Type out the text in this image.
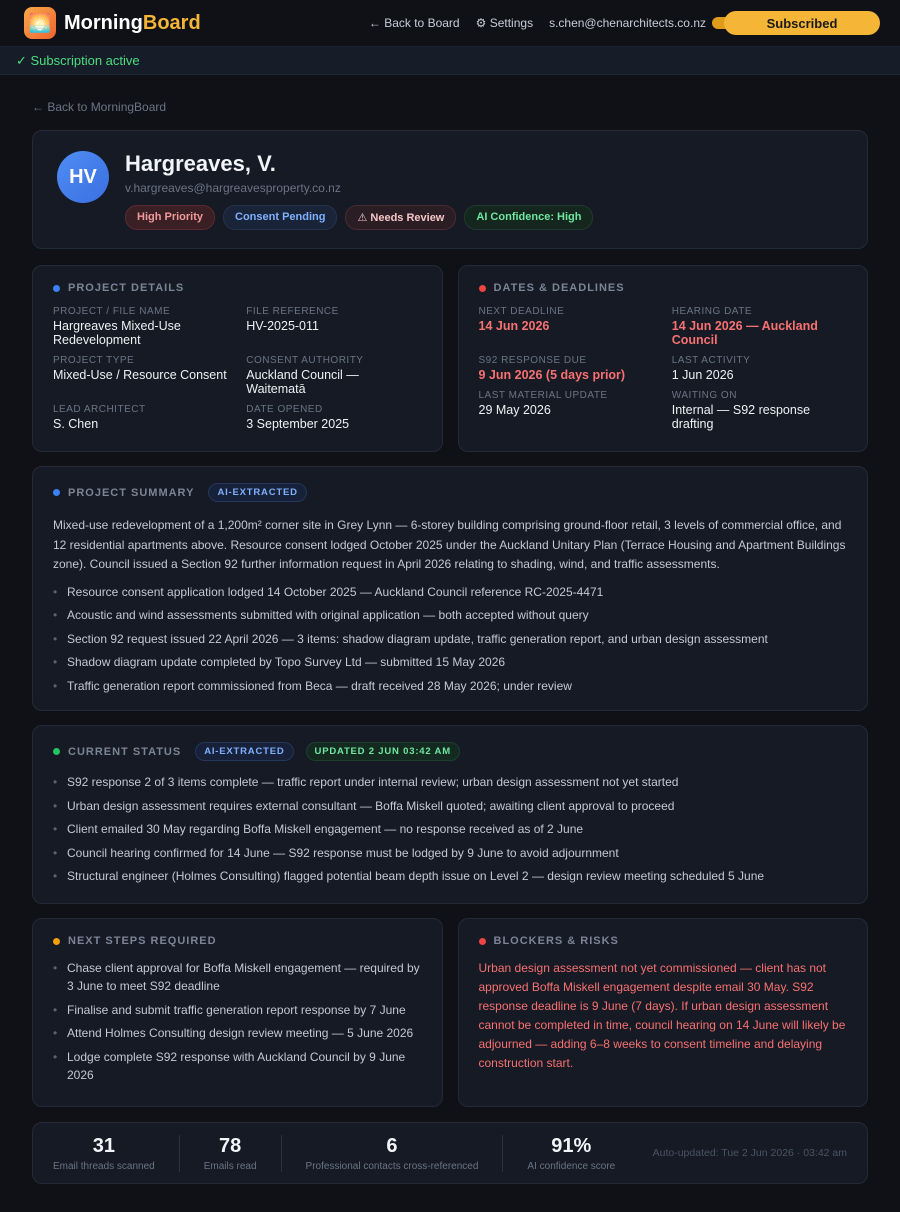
🌅 MorningBoard	← Back to Board ⚙ Settings s.chen@chenarchitects.co.nz	Subscribed
✓ Subscription active
← Back to MorningBoard
HV
Hargreaves, V.
v.hargreaves@hargreavesproperty.co.nz
High Priority	Consent Pending	⚠ Needs Review	AI Confidence: High
PROJECT DETAILS
PROJECT / FILE NAME
Hargreaves Mixed-Use Redevelopment
FILE REFERENCE
HV-2025-011
PROJECT TYPE
Mixed-Use / Resource Consent
CONSENT AUTHORITY
Auckland Council — Waitematā
LEAD ARCHITECT
S. Chen
DATE OPENED
3 September 2025
DATES & DEADLINES
NEXT DEADLINE
14 Jun 2026
HEARING DATE
14 Jun 2026 — Auckland Council
S92 RESPONSE DUE
9 Jun 2026 (5 days prior)
LAST ACTIVITY
1 Jun 2026
LAST MATERIAL UPDATE
29 May 2026
WAITING ON
Internal — S92 response drafting
PROJECT SUMMARY	AI-EXTRACTED
Mixed-use redevelopment of a 1,200m² corner site in Grey Lynn — 6-storey building comprising ground-floor retail, 3 levels of commercial office, and 12 residential apartments above. Resource consent lodged October 2025 under the Auckland Unitary Plan (Terrace Housing and Apartment Buildings zone). Council issued a Section 92 further information request in April 2026 relating to shading, wind, and traffic assessments.
• Resource consent application lodged 14 October 2025 — Auckland Council reference RC-2025-4471
• Acoustic and wind assessments submitted with original application — both accepted without query
• Section 92 request issued 22 April 2026 — 3 items: shadow diagram update, traffic generation report, and urban design assessment
• Shadow diagram update completed by Topo Survey Ltd — submitted 15 May 2026
• Traffic generation report commissioned from Beca — draft received 28 May 2026; under review
CURRENT STATUS	AI-EXTRACTED	UPDATED 2 JUN 03:42 AM
• S92 response 2 of 3 items complete — traffic report under internal review; urban design assessment not yet started
• Urban design assessment requires external consultant — Boffa Miskell quoted; awaiting client approval to proceed
• Client emailed 30 May regarding Boffa Miskell engagement — no response received as of 2 June
• Council hearing confirmed for 14 June — S92 response must be lodged by 9 June to avoid adjournment
• Structural engineer (Holmes Consulting) flagged potential beam depth issue on Level 2 — design review meeting scheduled 5 June
NEXT STEPS REQUIRED
• Chase client approval for Boffa Miskell engagement — required by 3 June to meet S92 deadline
• Finalise and submit traffic generation report response by 7 June
• Attend Holmes Consulting design review meeting — 5 June 2026
• Lodge complete S92 response with Auckland Council by 9 June 2026
BLOCKERS & RISKS
Urban design assessment not yet commissioned — client has not approved Boffa Miskell engagement despite email 30 May. S92 response deadline is 9 June (7 days). If urban design assessment cannot be completed in time, council hearing on 14 June will likely be adjourned — adding 6–8 weeks to consent timeline and delaying construction start.
31
Email threads scanned
78
Emails read
6
Professional contacts cross-referenced
91%
AI confidence score
Auto-updated: Tue 2 Jun 2026 · 03:42 am
